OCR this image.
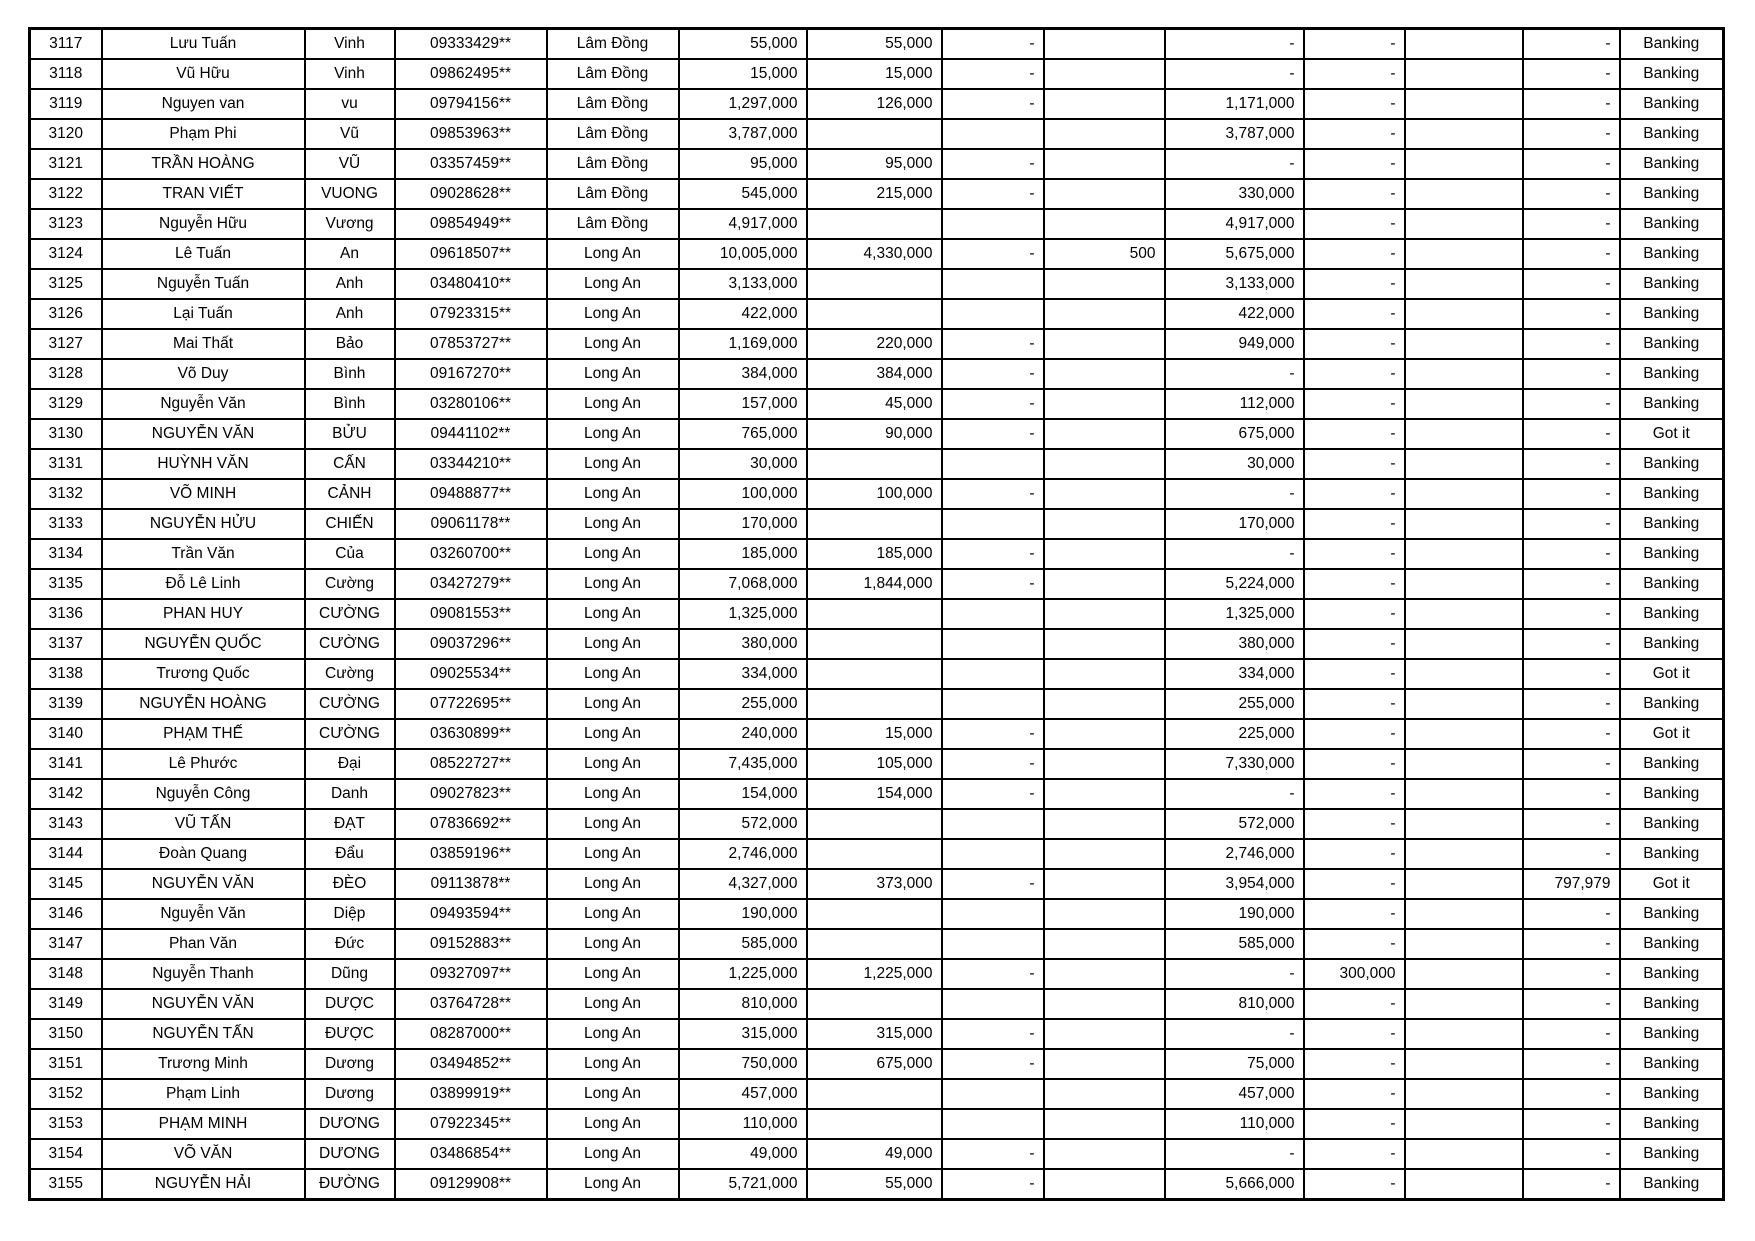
3117	Lưu Tuấn	Vinh	09333429**	Lâm Đồng	55,000	55,000	-		-	-		-	Banking
3118	Vũ Hữu	Vinh	09862495**	Lâm Đồng	15,000	15,000	-		-	-		-	Banking
3119	Nguyen van	vu	09794156**	Lâm Đồng	1,297,000	126,000	-		1,171,000	-		-	Banking
3120	Phạm Phi	Vũ	09853963**	Lâm Đồng	3,787,000				3,787,000	-		-	Banking
3121	TRẦN HOÀNG	VŨ	03357459**	Lâm Đồng	95,000	95,000	-		-	-		-	Banking
3122	TRAN VIẾT	VUONG	09028628**	Lâm Đồng	545,000	215,000	-		330,000	-		-	Banking
3123	Nguyễn Hữu	Vương	09854949**	Lâm Đồng	4,917,000				4,917,000	-		-	Banking
3124	Lê Tuấn	An	09618507**	Long An	10,005,000	4,330,000	-	500	5,675,000	-		-	Banking
3125	Nguyễn Tuấn	Anh	03480410**	Long An	3,133,000				3,133,000	-		-	Banking
3126	Lại Tuấn	Anh	07923315**	Long An	422,000				422,000	-		-	Banking
3127	Mai Thất	Bảo	07853727**	Long An	1,169,000	220,000	-		949,000	-		-	Banking
3128	Võ Duy	Bình	09167270**	Long An	384,000	384,000	-		-	-		-	Banking
3129	Nguyễn Văn	Bình	03280106**	Long An	157,000	45,000	-		112,000	-		-	Banking
3130	NGUYỄN VĂN	BỬU	09441102**	Long An	765,000	90,000	-		675,000	-		-	Got it
3131	HUỲNH VĂN	CẤN	03344210**	Long An	30,000				30,000	-		-	Banking
3132	VÕ MINH	CẢNH	09488877**	Long An	100,000	100,000	-		-	-		-	Banking
3133	NGUYỄN HỬU	CHIẾN	09061178**	Long An	170,000				170,000	-		-	Banking
3134	Trần Văn	Của	03260700**	Long An	185,000	185,000	-		-	-		-	Banking
3135	Đỗ Lê Linh	Cường	03427279**	Long An	7,068,000	1,844,000	-		5,224,000	-		-	Banking
3136	PHAN HUY	CƯỜNG	09081553**	Long An	1,325,000				1,325,000	-		-	Banking
3137	NGUYỄN QUỐC	CƯỜNG	09037296**	Long An	380,000				380,000	-		-	Banking
3138	Trương Quốc	Cường	09025534**	Long An	334,000				334,000	-		-	Got it
3139	NGUYỄN HOÀNG	CƯỜNG	07722695**	Long An	255,000				255,000	-		-	Banking
3140	PHẠM THẾ	CƯỜNG	03630899**	Long An	240,000	15,000	-		225,000	-		-	Got it
3141	Lê Phước	Đại	08522727**	Long An	7,435,000	105,000	-		7,330,000	-		-	Banking
3142	Nguyễn Công	Danh	09027823**	Long An	154,000	154,000	-		-	-		-	Banking
3143	VŨ TẤN	ĐẠT	07836692**	Long An	572,000				572,000	-		-	Banking
3144	Đoàn Quang	Đẩu	03859196**	Long An	2,746,000				2,746,000	-		-	Banking
3145	NGUYỄN VĂN	ĐÈO	09113878**	Long An	4,327,000	373,000	-		3,954,000	-		797,979	Got it
3146	Nguyễn Văn	Diệp	09493594**	Long An	190,000				190,000	-		-	Banking
3147	Phan Văn	Đức	09152883**	Long An	585,000				585,000	-		-	Banking
3148	Nguyễn Thanh	Dũng	09327097**	Long An	1,225,000	1,225,000	-		-	300,000		-	Banking
3149	NGUYỄN VĂN	DƯỢC	03764728**	Long An	810,000				810,000	-		-	Banking
3150	NGUYỄN TẤN	ĐƯỢC	08287000**	Long An	315,000	315,000	-		-	-		-	Banking
3151	Trương Minh	Dương	03494852**	Long An	750,000	675,000	-		75,000	-		-	Banking
3152	Phạm Linh	Dương	03899919**	Long An	457,000				457,000	-		-	Banking
3153	PHẠM MINH	DƯƠNG	07922345**	Long An	110,000				110,000	-		-	Banking
3154	VÕ VĂN	DƯƠNG	03486854**	Long An	49,000	49,000	-		-	-		-	Banking
3155	NGUYỄN HẢI	ĐƯỜNG	09129908**	Long An	5,721,000	55,000	-		5,666,000	-		-	Banking
